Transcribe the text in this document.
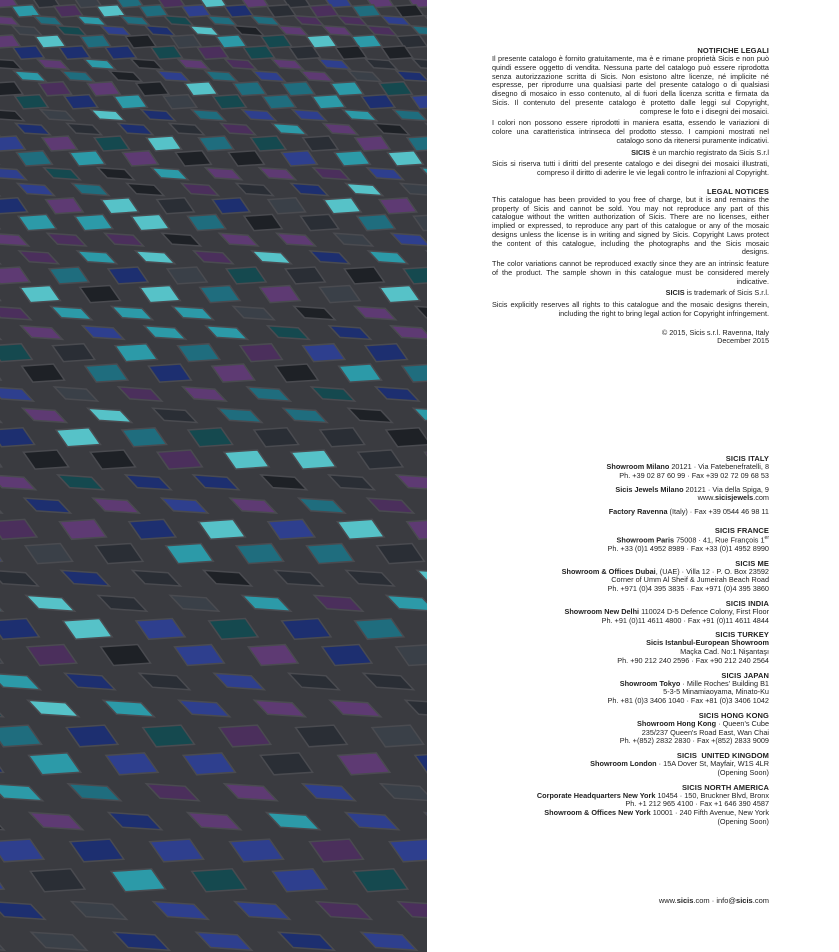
NOTIFICHE LEGALI

Il presente catalogo è fornito gratuitamente, ma è e rimane proprietà Sicis e non può quindi essere oggetto di vendita. Nessuna parte del catalogo può essere riprodotta senza autorizzazione scritta di Sicis. Non esistono altre licenze, né implicite né espresse, per riprodurre una qualsiasi parte del presente catalogo o di qualsiasi disegno di mosaico in esso contenuto, al di fuori della licenza scritta e firmata da Sicis. Il contenuto del presente catalogo è protetto dalle leggi sul Copyright, comprese le foto e i disegni dei mosaici.

I colori non possono essere riprodotti in maniera esatta, essendo le variazioni di colore una caratteristica intrinseca del prodotto stesso. I campioni mostrati nel catalogo sono da ritenersi puramente indicativi.

SICIS è un marchio registrato da Sicis S.r.l

Sicis si riserva tutti i diritti del presente catalogo e dei disegni dei mosaici illustrati, compreso il diritto di aderire le vie legali contro le infrazioni al Copyright.

LEGAL NOTICES

This catalogue has been provided to you free of charge, but it is and remains the property of Sicis and cannot be sold. You may not reproduce any part of this catalogue without the written authorization of Sicis. There are no licenses, either implied or expressed, to reproduce any part of this catalogue or any of the mosaic designs unless the license is in writing and signed by Sicis. Copyright Laws protect the content of this catalogue, including the photographs and the Sicis mosaic designs.

The color variations cannot be reproduced exactly since they are an intrinsic feature of the product. The sample shown in this catalogue must be considered merely indicative.

SICIS is trademark of Sicis S.r.l.

Sicis explicitly reserves all rights to this catalogue and the mosaic designs therein, including the right to bring legal action for Copyright infringement.

© 2015, Sicis s.r.l. Ravenna, Italy
December 2015
SICIS ITALY
Showroom Milano 20121 · Via Fatebenefratelli, 8
Ph. +39 02 87 60 99 · Fax +39 02 72 09 68 53
Sicis Jewels Milano 20121 · Via della Spiga, 9
www.sicisjewels.com
Factory Ravenna (Italy) · Fax +39 0544 46 98 11
SICIS FRANCE
Showroom Paris 75008 · 41, Rue François 1er
Ph. +33 (0)1 4952 8989 · Fax +33 (0)1 4952 8990
SICIS ME
Showroom & Offices Dubai, (UAE) · Villa 12 · P. O. Box 23592
Corner of Umm Al Sheif & Jumeirah Beach Road
Ph. +971 (0)4 395 3835 · Fax +971 (0)4 395 3860
SICIS INDIA
Showroom New Delhi 110024 D-5 Defence Colony, First Floor
Ph. +91 (0)11 4611 4800 · Fax +91 (0)11 4611 4844
SICIS TURKEY
Sicis Istanbul-European Showroom
Maçka Cad. No:1 Nişantaşı
Ph. +90 212 240 2596 · Fax +90 212 240 2564
SICIS JAPAN
Showroom Tokyo · Mille Roches' Building B1
5-3-5 Minamiaoyama, Minato-Ku
Ph. +81 (0)3 3406 1040 · Fax +81 (0)3 3406 1042
SICIS HONG KONG
Showroom Hong Kong · Queen's Cube
235/237 Queen's Road East, Wan Chai
Ph. +(852) 2832 2830 · Fax +(852) 2833 9009
SICIS  UNITED KINGDOM
Showroom London · 15A Dover St, Mayfair, W1S 4LR
(Opening Soon)
SICIS NORTH AMERICA
Corporate Headquarters New York 10454 · 150, Bruckner Blvd, Bronx
Ph. +1 212 965 4100 · Fax +1 646 390 4587
Showroom & Offices New York 10001 · 240 Fifth Avenue, New York
(Opening Soon)
www.sicis.com · info@sicis.com
